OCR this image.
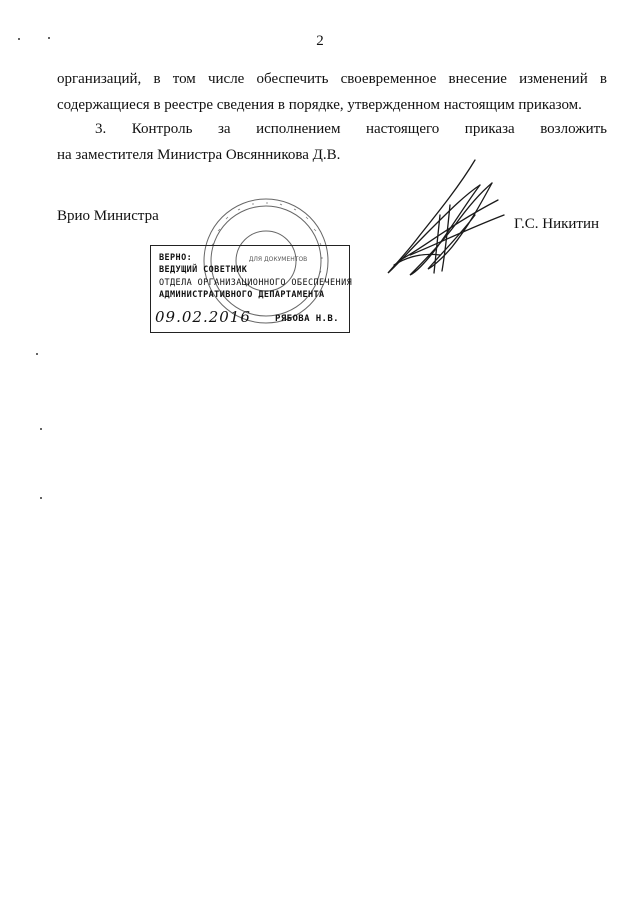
2
организаций, в том числе обеспечить своевременное внесение изменений в
содержащиеся в реестре сведения в порядке, утвержденном настоящим приказом.
3. Контроль за исполнением настоящего приказа возложить
на заместителя Министра Овсянникова Д.В.
Врио Министра	Г.С. Никитин
ДЛЯ ДОКУМЕНТОВ
ВЕРНО:
ВЕДУЩИЙ СОВЕТНИК
ОТДЕЛА ОРГАНИЗАЦИОННОГО ОБЕСПЕЧЕНИЯ
АДМИНИСТРАТИВНОГО ДЕПАРТАМЕНТА
09.02.2016	РЯБОВА Н.В.
